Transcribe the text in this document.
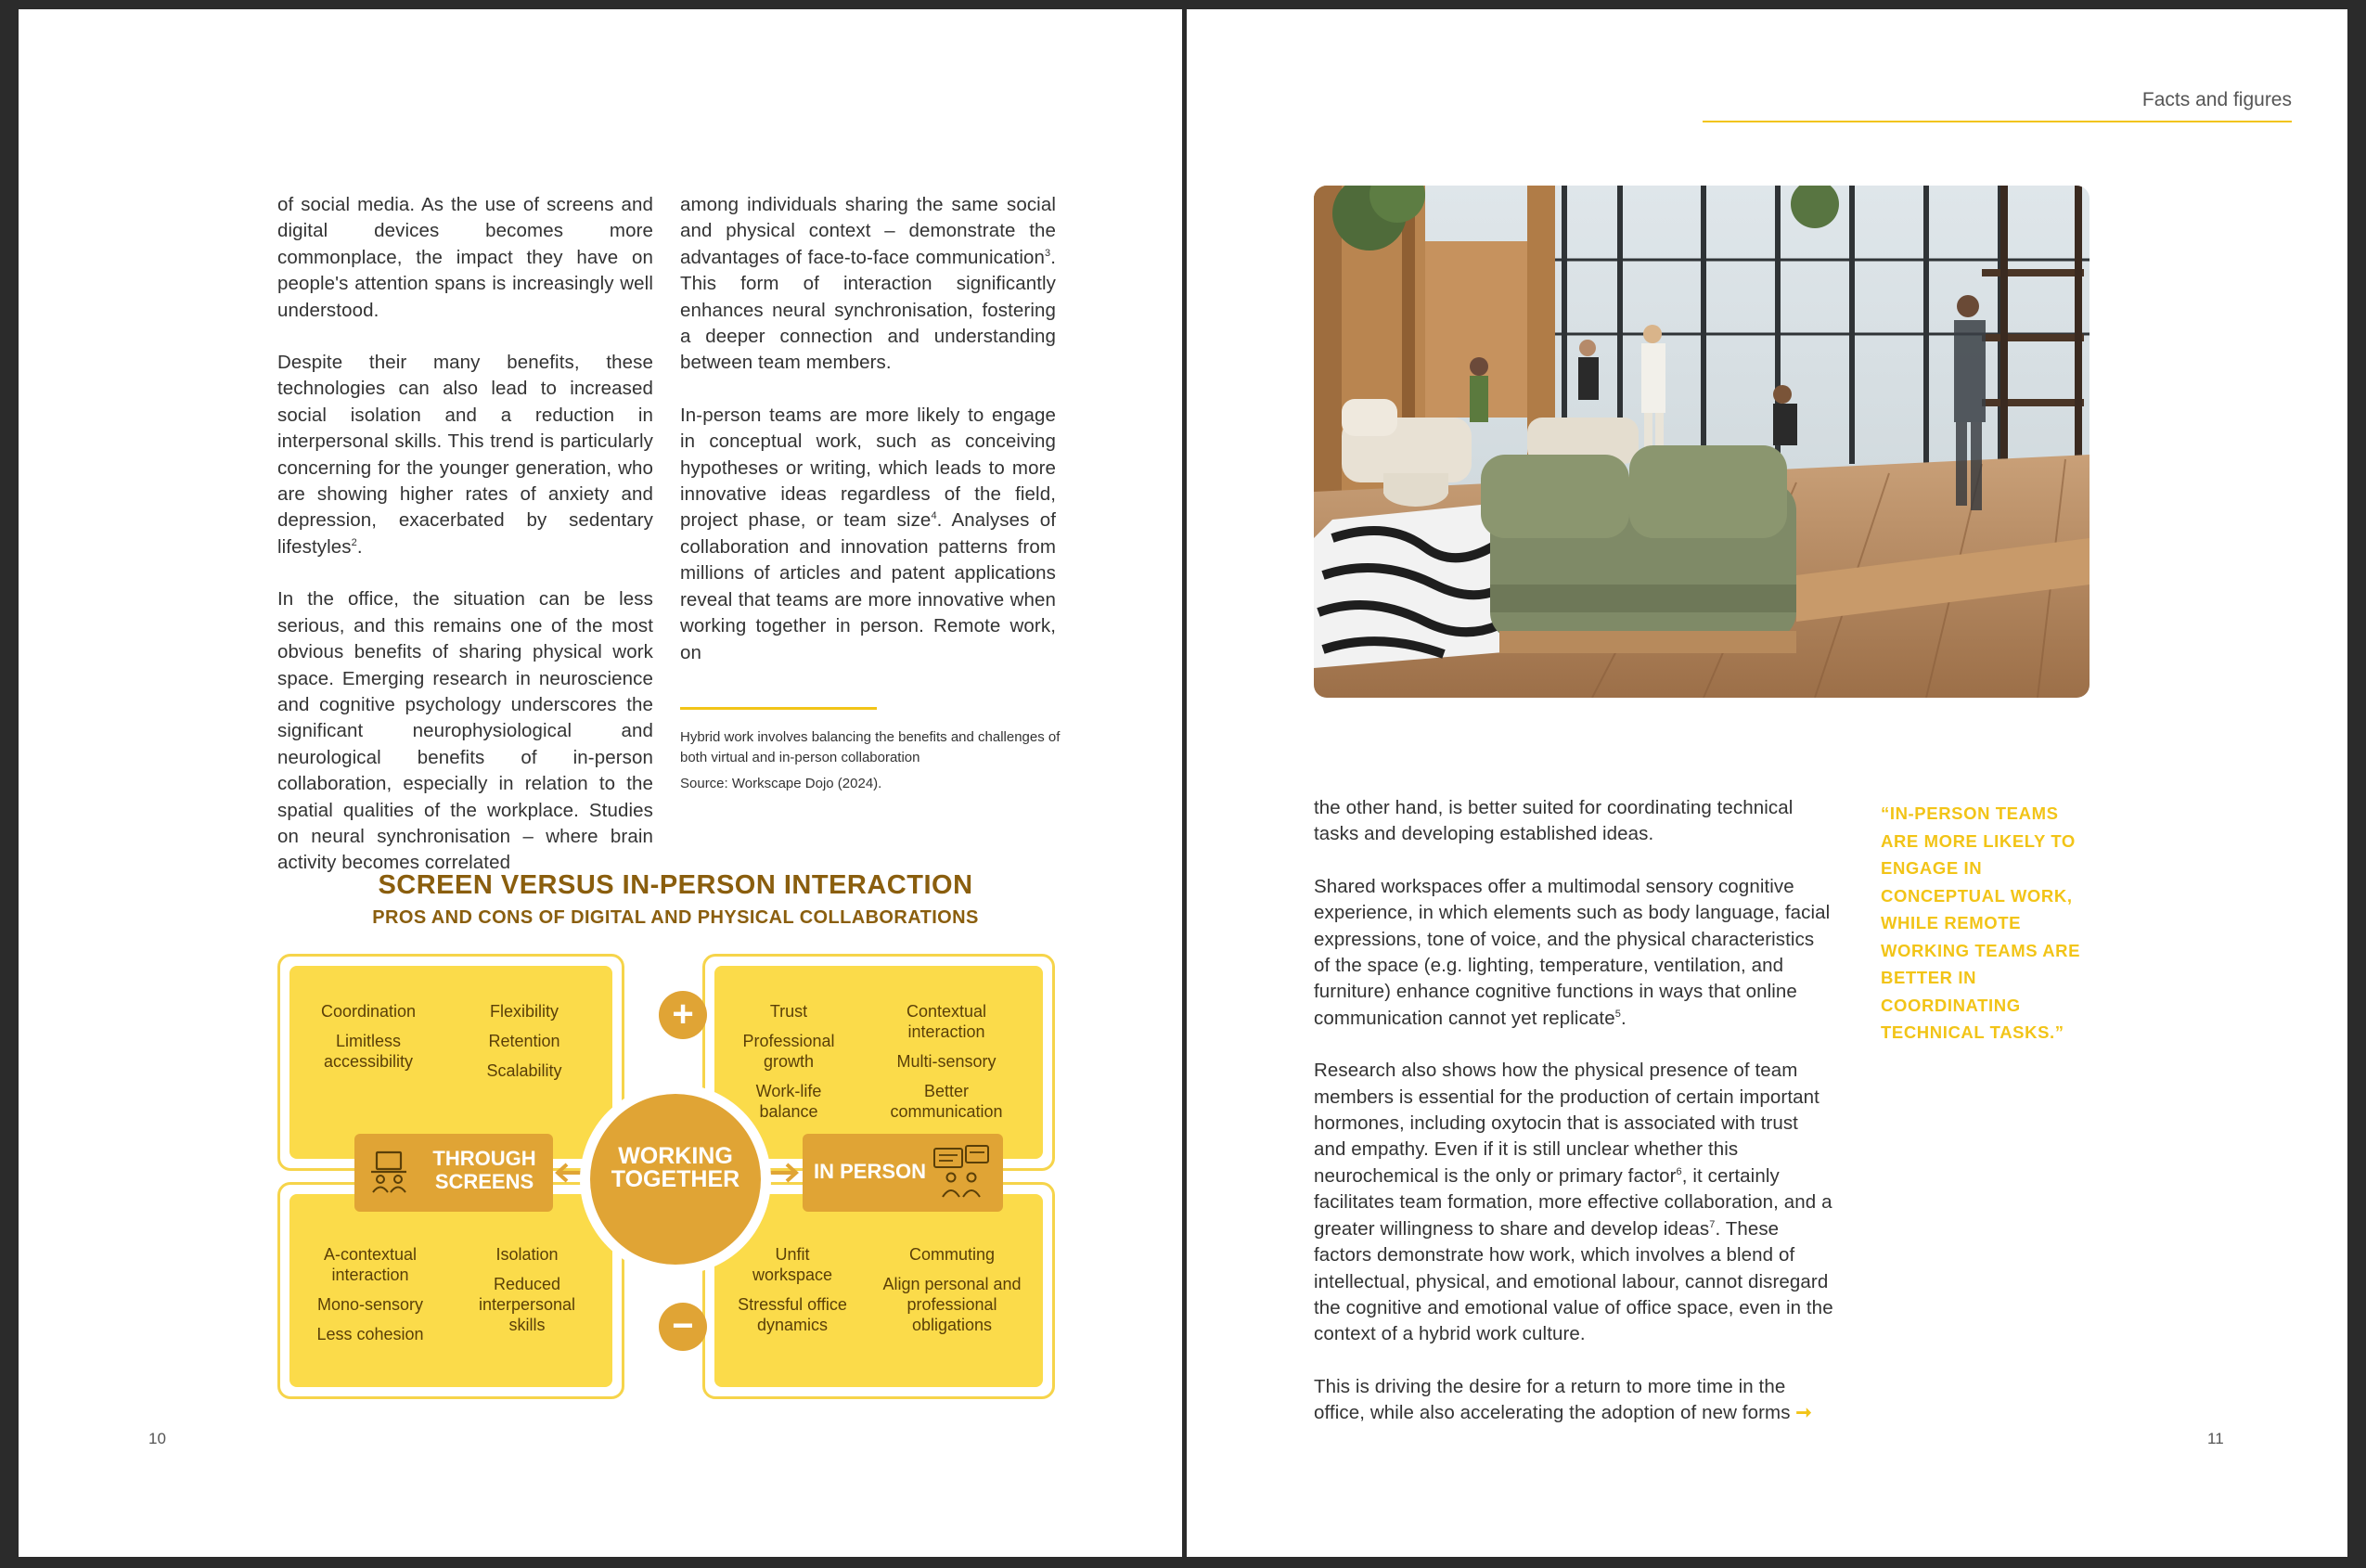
of social media. As the use of screens and digital devices becomes more commonplace, the impact they have on people's attention spans is increasingly well understood.

Despite their many benefits, these technologies can also lead to increased social isolation and a reduction in interpersonal skills. This trend is particularly concerning for the younger generation, who are showing higher rates of anxiety and depression, exacerbated by sedentary lifestyles$^2$.

In the office, the situation can be less serious, and this remains one of the most obvious benefits of sharing physical work space. Emerging research in neuroscience and cognitive psychology underscores the significant neurophysiological and neurological benefits of in-person collaboration, especially in relation to the spatial qualities of the workplace. Studies on neural synchronisation – where brain activity becomes correlated

among individuals sharing the same social and physical context – demonstrate the advantages of face-to-face communication$^3$. This form of interaction significantly enhances neural synchronisation, fostering a deeper connection and understanding between team members.

In-person teams are more likely to engage in conceptual work, such as conceiving hypotheses or writing, which leads to more innovative ideas regardless of the field, project phase, or team size$^4$. Analyses of collaboration and innovation patterns from millions of articles and patent applications reveal that teams are more innovative when working together in person. Remote work, on

Hybrid work involves balancing the benefits and challenges of both virtual and in-person collaboration
Source: Workscape Dojo (2024).
SCREEN VERSUS IN-PERSON INTERACTION
PROS AND CONS OF DIGITAL AND PHYSICAL COLLABORATIONS
Coordination
Limitless accessibility
Flexibility
Retention
Scalability
Trust
Professional growth
Work-life balance
Contextual interaction
Multi-sensory
Better communication
A-contextual interaction
Mono-sensory
Less cohesion
Isolation
Reduced interpersonal skills
Unfit workspace
Stressful office dynamics
Commuting
Align personal and professional obligations
+
−
THROUGH
SCREENS	IN PERSON
WORKING
TOGETHER
10
Facts and figures

the other hand, is better suited for coordinating technical tasks and developing established ideas.

Shared workspaces offer a multimodal sensory cognitive experience, in which elements such as body language, facial expressions, tone of voice, and the physical characteristics of the space (e.g. lighting, temperature, ventilation, and furniture) enhance cognitive functions in ways that online communication cannot yet replicate$^5$.

Research also shows how the physical presence of team members is essential for the production of certain important hormones, including oxytocin that is associated with trust and empathy. Even if it is still unclear whether this neurochemical is the only or primary factor$^6$, it certainly facilitates team formation, more effective collaboration, and a greater willingness to share and develop ideas$^7$. These factors demonstrate how work, which involves a blend of intellectual, physical, and emotional labour, cannot disregard the cognitive and emotional value of office space, even in the context of a hybrid work culture.

This is driving the desire for a return to more time in the office, while also accelerating the adoption of new forms ➞

“IN-PERSON TEAMS ARE MORE LIKELY TO ENGAGE IN CONCEPTUAL WORK, WHILE REMOTE WORKING TEAMS ARE BETTER IN COORDINATING TECHNICAL TASKS.”
11
